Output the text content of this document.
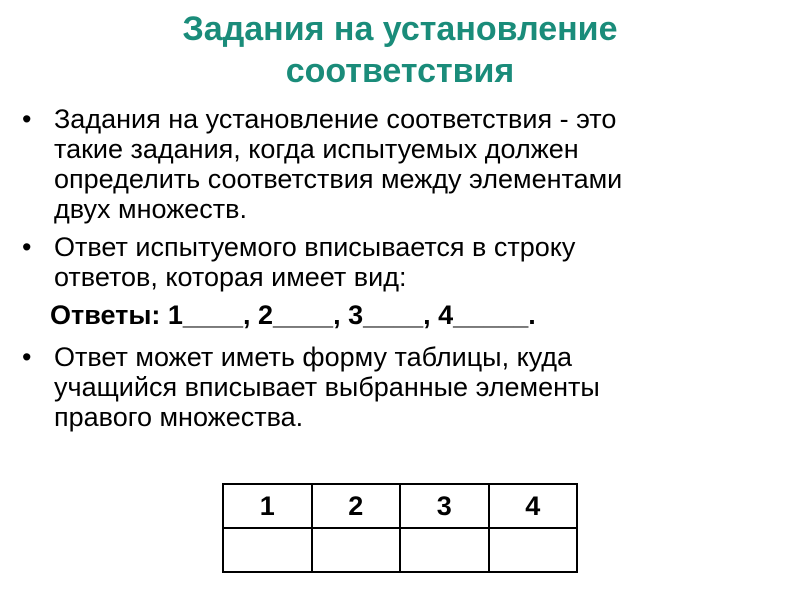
Задания на установление
соответствия
• Задания на установление соответствия - это
такие задания, когда испытуемых должен
определить соответствия между элементами
двух множеств.
• Ответ испытуемого вписывается в строку
ответов, которая имеет вид:
Ответы: 1____, 2____, 3____, 4_____.
• Ответ может иметь форму таблицы, куда
учащийся вписывает выбранные элементы
правого множества.
1	2	3	4
